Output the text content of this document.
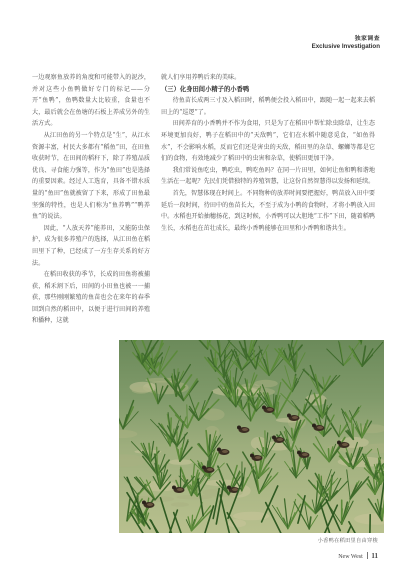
独家调查
Exclusive Investigation

一边观察鱼放养的角度和可能带入的泥沙，并对这些小鱼鸭做好专门的标记——分开“鱼鸭”，鱼鸭数量大比较重，食量也不大，最后就会在鱼塘的石板上养成另外的生活方式。

从江田鱼的另一个特点是“生”，从江水资源丰富，村民大多都有“稻鱼”田，在田鱼收获时节，在田间的稻秆下，除了养殖品质优良、寻食能力强等，作为“鱼田”也是选择的重要因素。经过人工选育，具备不错水质量的“鱼田”鱼就被留了下来，形成了田鱼最坚强的特性，也是人们称为“鱼养鸭”“鸭养鱼”的说法。

因此，“人放天养”能养田，又能防虫保护，成为很多养殖户的选择，从江田鱼在稻田里下了种，已经成了一方生存关系的好方法。

在稻田收获的季节，长成的田鱼将被捕获，稻禾割下后，田间的小田鱼也被一一捕获，那些刚刚繁殖的鱼苗也会在来年的春季回到自然的稻田中，以便于进行田间的养殖和播种，这就

就人们享用养鸭后来的美味。

（三）化身田间小精子的小香鸭

待鱼苗长成两三寸及入稻田时，稻鸭便会投入稻田中，跟随一起一起来去稻田上的“巡逻”了。

田间养育的小香鸭并不作为食用，只是为了在稻田中帮忙除虫除草，让生态环境更加良好，鸭子在稻田中的“天敌鸭”，它们在水稻中随意觅食，“如鱼得水”，不会影响水稻，反而它们还是害虫的天敌，稻田里的杂草、螺蛳等都是它们的食物，有效地减少了稻田中的虫害和杂草，使稻田更加干净。

我们常说鱼吃虫，鸭吃虫，鸭吃鱼吗？在同一片田里，如何让鱼和鸭和谐地生活在一起呢？先民们凭借独特的养殖智慧，让这份自然智慧得以发扬和延续。

首先，智慧体现在时间上。不同物种的放养时间要把握好，鸭苗放入田中要延后一段时间，待田中的鱼苗长大，不至于成为小鸭的食物时，才将小鸭放入田中。水稻也开始抽穗扬花，到这时候，小香鸭可以大胆地“工作”下田，随着稻鸭生长，水稻也在茁壮成长，最终小香鸭能够在田里和小香鸭和谐共生。

小香鸭在稻田里自由穿梭
New West 11
